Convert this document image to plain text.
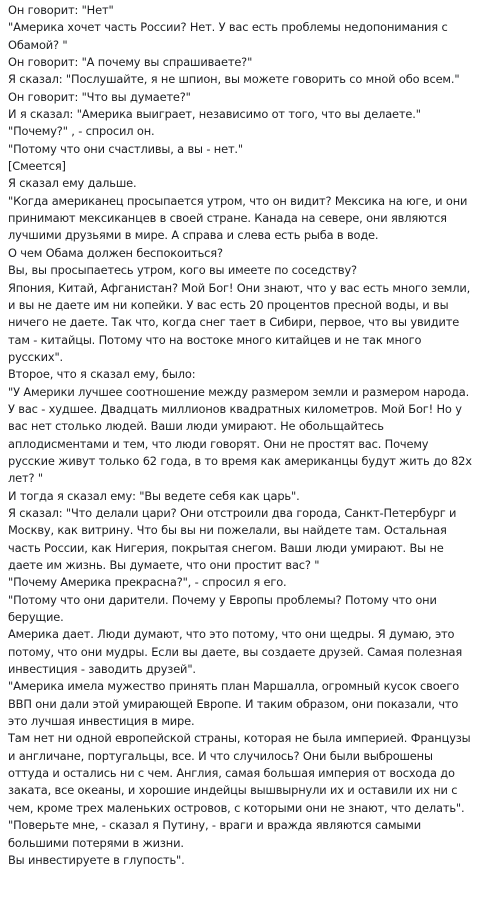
Он говорит: "Нет"

"Америка хочет часть России? Нет. У вас есть проблемы недопонимания с Обамой? "

Он говорит: "А почему вы спрашиваете?"

Я сказал: "Послушайте, я не шпион, вы можете говорить со мной обо всем."

Он говорит: "Что вы думаете?"

И я сказал: "Америка выиграет, независимо от того, что вы делаете."

"Почему?" , - спросил он.

"Потому что они счастливы, а вы - нет."

[Смеется]

Я сказал ему дальше.

"Когда американец просыпается утром, что он видит? Мексика на юге, и они принимают мексиканцев в своей стране. Канада на севере, они являются лучшими друзьями в мире. А справа и слева есть рыба в воде.

О чем Обама должен беспокоиться?

Вы, вы просыпаетесь утром, кого вы имеете по соседству?

Япония, Китай, Афганистан? Мой Бог! Они знают, что у вас есть много земли, и вы не даете им ни копейки. У вас есть 20 процентов пресной воды, и вы ничего не даете. Так что, когда снег тает в Сибири, первое, что вы увидите там - китайцы. Потому что на востоке много китайцев и не так много русских".

Второе, что я сказал ему, было:

"У Америки лучшее соотношение между размером земли и размером народа. У вас - худшее. Двадцать миллионов квадратных километров. Мой Бог! Но у вас нет столько людей. Ваши люди умирают. Не обольщайтесь аплодисментами и тем, что люди говорят. Они не простят вас. Почему русские живут только 62 года, в то время как американцы будут жить до 82х лет? "

И тогда я сказал ему: "Вы ведете себя как царь".

Я сказал: "Что делали цари? Они отстроили два города, Санкт-Петербург и Москву, как витрину. Что бы вы ни пожелали, вы найдете там. Остальная часть России, как Нигерия, покрытая снегом. Ваши люди умирают. Вы не даете им жизнь. Вы думаете, что они простит вас? "

"Почему Америка прекрасна?", - спросил я его.

"Потому что они дарители. Почему у Европы проблемы? Потому что они берущие.

Америка дает. Люди думают, что это потому, что они щедры. Я думаю, это потому, что они мудры. Если вы даете, вы создаете друзей. Самая полезная инвестиция - заводить друзей".

"Америка имела мужество принять план Маршалла, огромный кусок своего ВВП они дали этой умирающей Европе. И таким образом, они показали, что это лучшая инвестиция в мире.

Там нет ни одной европейской страны, которая не была империей. Французы и англичане, португальцы, все. И что случилось? Они были выброшены оттуда и остались ни с чем. Англия, самая большая империя от восхода до заката, все океаны, и хорошие индейцы вышвырнули их и оставили их ни с чем, кроме трех маленьких островов, с которыми они не знают, что делать".

"Поверьте мне, - сказал я Путину, - враги и вражда являются самыми большими потерями в жизни.

Вы инвестируете в глупость".
